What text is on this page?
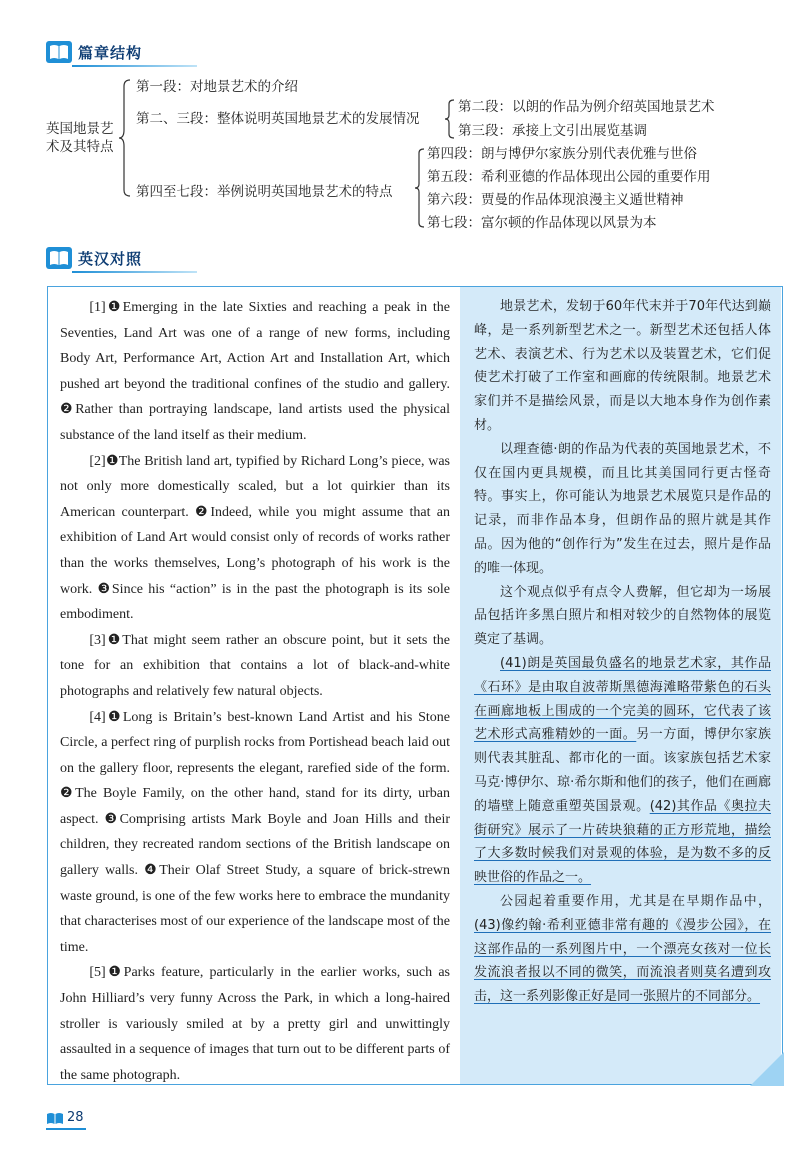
篇章结构
英国地景艺
术及其特点
第一段：对地景艺术的介绍
第二、三段：整体说明英国地景艺术的发展情况
第二段：以朗的作品为例介绍英国地景艺术
第三段：承接上文引出展览基调
第四至七段：举例说明英国地景艺术的特点
第四段：朗与博伊尔家族分别代表优雅与世俗
第五段：希利亚德的作品体现出公园的重要作用
第六段：贾曼的作品体现浪漫主义遁世精神
第七段：富尔顿的作品体现以风景为本
英汉对照

[1]❶Emerging in the late Sixties and reaching a peak in the Seventies, Land Art was one of a range of new forms, including Body Art, Performance Art, Action Art and Installation Art, which pushed art beyond the traditional confines of the studio and gallery. ❷Rather than portraying landscape, land artists used the physical substance of the land itself as their medium.

[2]❶The British land art, typified by Richard Long’s piece, was not only more domestically scaled, but a lot quirkier than its American counterpart. ❷Indeed, while you might assume that an exhibition of Land Art would consist only of records of works rather than the works themselves, Long’s photograph of his work is the work. ❸Since his “action” is in the past the photograph is its sole embodiment.

[3]❶That might seem rather an obscure point, but it sets the tone for an exhibition that contains a lot of black-and-white photographs and relatively few natural objects.

[4]❶Long is Britain’s best-known Land Artist and his Stone Circle, a perfect ring of purplish rocks from Portishead beach laid out on the gallery floor, represents the elegant, rarefied side of the form. ❷The Boyle Family, on the other hand, stand for its dirty, urban aspect. ❸Comprising artists Mark Boyle and Joan Hills and their children, they recreated random sections of the British landscape on gallery walls. ❹Their Olaf Street Study, a square of brick-strewn waste ground, is one of the few works here to embrace the mundanity that characterises most of our experience of the landscape most of the time.

[5]❶Parks feature, particularly in the earlier works, such as John Hilliard’s very funny Across the Park, in which a long-haired stroller is variously smiled at by a pretty girl and unwittingly assaulted in a sequence of images that turn out to be different parts of the same photograph.

地景艺术，发轫于60年代末并于70年代达到巅峰，是一系列新型艺术之一。新型艺术还包括人体艺术、表演艺术、行为艺术以及装置艺术，它们促使艺术打破了工作室和画廊的传统限制。地景艺术家们并不是描绘风景，而是以大地本身作为创作素材。

以理查德·朗的作品为代表的英国地景艺术，不仅在国内更具规模，而且比其美国同行更古怪奇特。事实上，你可能认为地景艺术展览只是作品的记录，而非作品本身，但朗作品的照片就是其作品。因为他的“创作行为”发生在过去，照片是作品的唯一体现。

这个观点似乎有点令人费解，但它却为一场展品包括许多黑白照片和相对较少的自然物体的展览奠定了基调。

(41)朗是英国最负盛名的地景艺术家，其作品《石环》是由取自波蒂斯黑德海滩略带紫色的石头在画廊地板上围成的一个完美的圆环，它代表了该艺术形式高雅精妙的一面。另一方面，博伊尔家族则代表其脏乱、都市化的一面。该家族包括艺术家马克·博伊尔、琼·希尔斯和他们的孩子，他们在画廊的墙壁上随意重塑英国景观。(42)其作品《奥拉夫街研究》展示了一片砖块狼藉的正方形荒地，描绘了大多数时候我们对景观的体验，是为数不多的反映世俗的作品之一。

公园起着重要作用，尤其是在早期作品中，(43)像约翰·希利亚德非常有趣的《漫步公园》，在这部作品的一系列图片中，一个漂亮女孩对一位长发流浪者报以不同的微笑，而流浪者则莫名遭到攻击，这一系列影像正好是同一张照片的不同部分。

28
